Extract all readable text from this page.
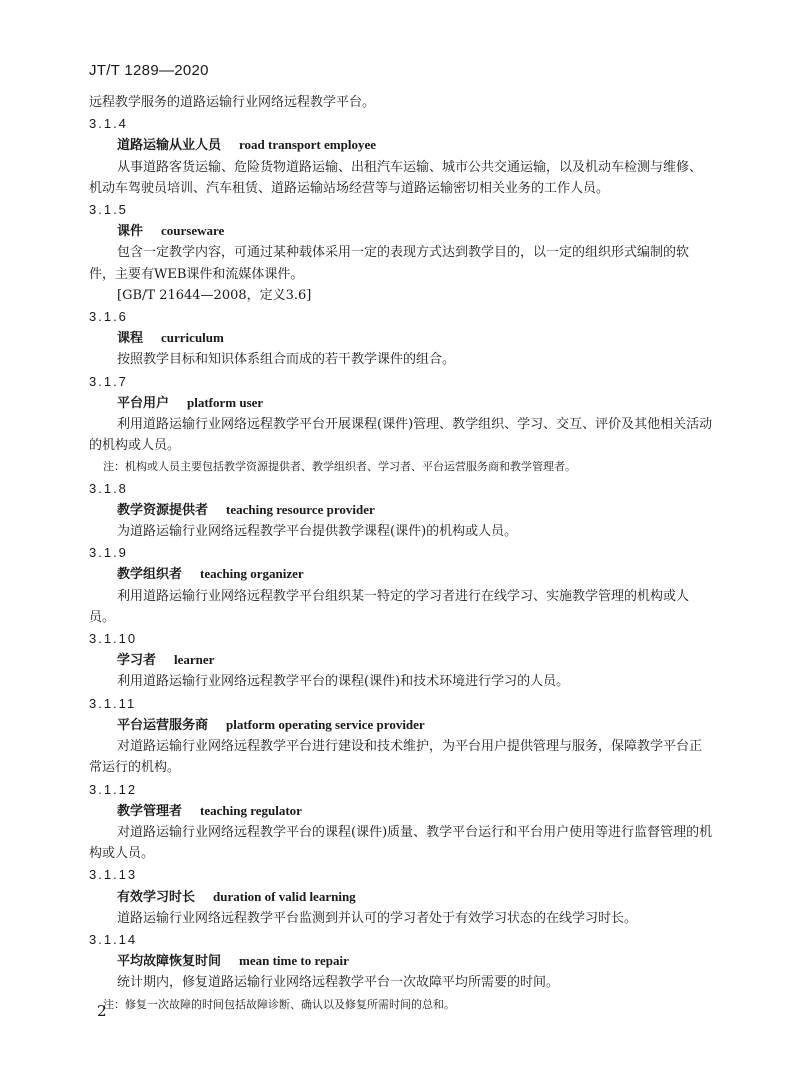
JT/T 1289—2020

远程教学服务的道路运输行业网络远程教学平台。

3.1.4

道路运输从业人员 road transport employee

从事道路客货运输、危险货物道路运输、出租汽车运输、城市公共交通运输，以及机动车检测与维修、机动车驾驶员培训、汽车租赁、道路运输站场经营等与道路运输密切相关业务的工作人员。

3.1.5

课件 courseware

包含一定教学内容，可通过某种载体采用一定的表现方式达到教学目的，以一定的组织形式编制的软件，主要有WEB课件和流媒体课件。

[GB/T 21644—2008，定义3.6]

3.1.6

课程 curriculum

按照教学目标和知识体系组合而成的若干教学课件的组合。

3.1.7

平台用户 platform user

利用道路运输行业网络远程教学平台开展课程(课件)管理、教学组织、学习、交互、评价及其他相关活动的机构或人员。

注：机构或人员主要包括教学资源提供者、教学组织者、学习者、平台运营服务商和教学管理者。

3.1.8

教学资源提供者 teaching resource provider

为道路运输行业网络远程教学平台提供教学课程(课件)的机构或人员。

3.1.9

教学组织者 teaching organizer

利用道路运输行业网络远程教学平台组织某一特定的学习者进行在线学习、实施教学管理的机构或人员。

3.1.10

学习者 learner

利用道路运输行业网络远程教学平台的课程(课件)和技术环境进行学习的人员。

3.1.11

平台运营服务商 platform operating service provider

对道路运输行业网络远程教学平台进行建设和技术维护，为平台用户提供管理与服务，保障教学平台正常运行的机构。

3.1.12

教学管理者 teaching regulator

对道路运输行业网络远程教学平台的课程(课件)质量、教学平台运行和平台用户使用等进行监督管理的机构或人员。

3.1.13

有效学习时长 duration of valid learning

道路运输行业网络远程教学平台监测到并认可的学习者处于有效学习状态的在线学习时长。

3.1.14

平均故障恢复时间 mean time to repair

统计期内，修复道路运输行业网络远程教学平台一次故障平均所需要的时间。

注：修复一次故障的时间包括故障诊断、确认以及修复所需时间的总和。

2
